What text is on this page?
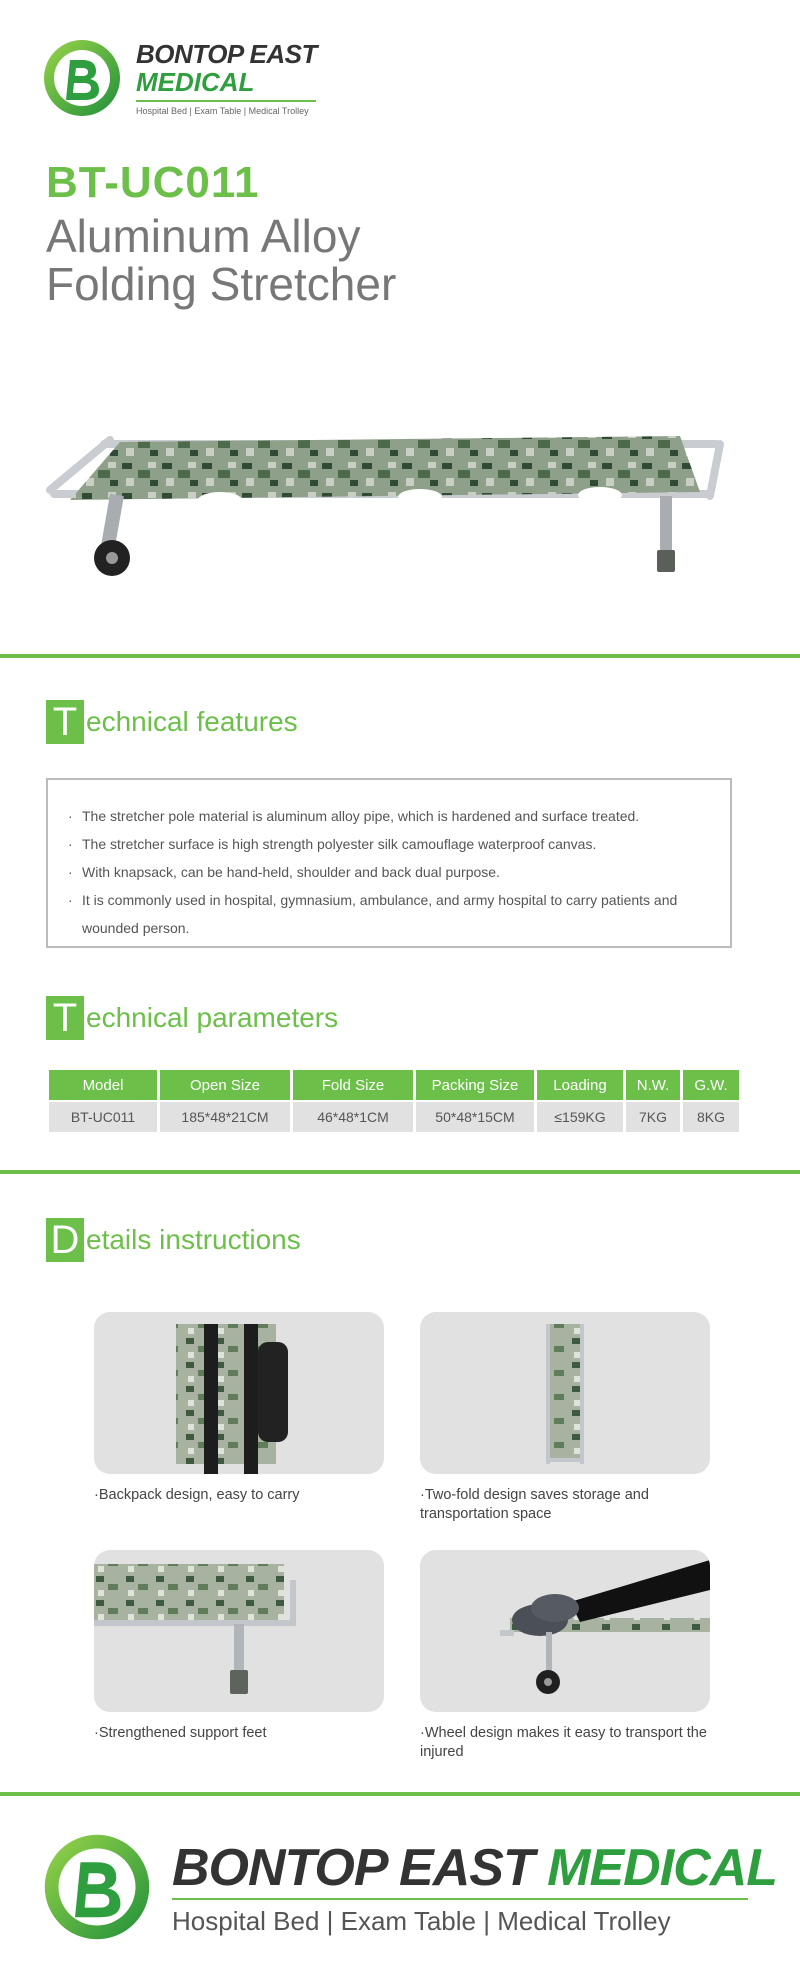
BONTOP EAST
MEDICAL
Hospital Bed | Exam Table | Medical Trolley
BT-UC011
Aluminum Alloy
Folding Stretcher
T echnical features
· The stretcher pole material is aluminum alloy pipe, which is hardened and surface treated.
· The stretcher surface is high strength polyester silk camouflage waterproof canvas.
· With knapsack, can be hand-held, shoulder and back dual purpose.
· It is commonly used in hospital, gymnasium, ambulance, and army hospital to carry patients and wounded person.
T echnical parameters
Model	Open Size	Fold Size	Packing Size	Loading	N.W.	G.W.
BT-UC011	185*48*21CM	46*48*1CM	50*48*15CM	≤159KG	7KG	8KG
D etails instructions
·Backpack design, easy to carry	·Two-fold design saves storage and transportation space
·Strengthened support feet	·Wheel design makes it easy to transport the injured
BONTOP EAST MEDICAL
Hospital Bed | Exam Table | Medical Trolley
